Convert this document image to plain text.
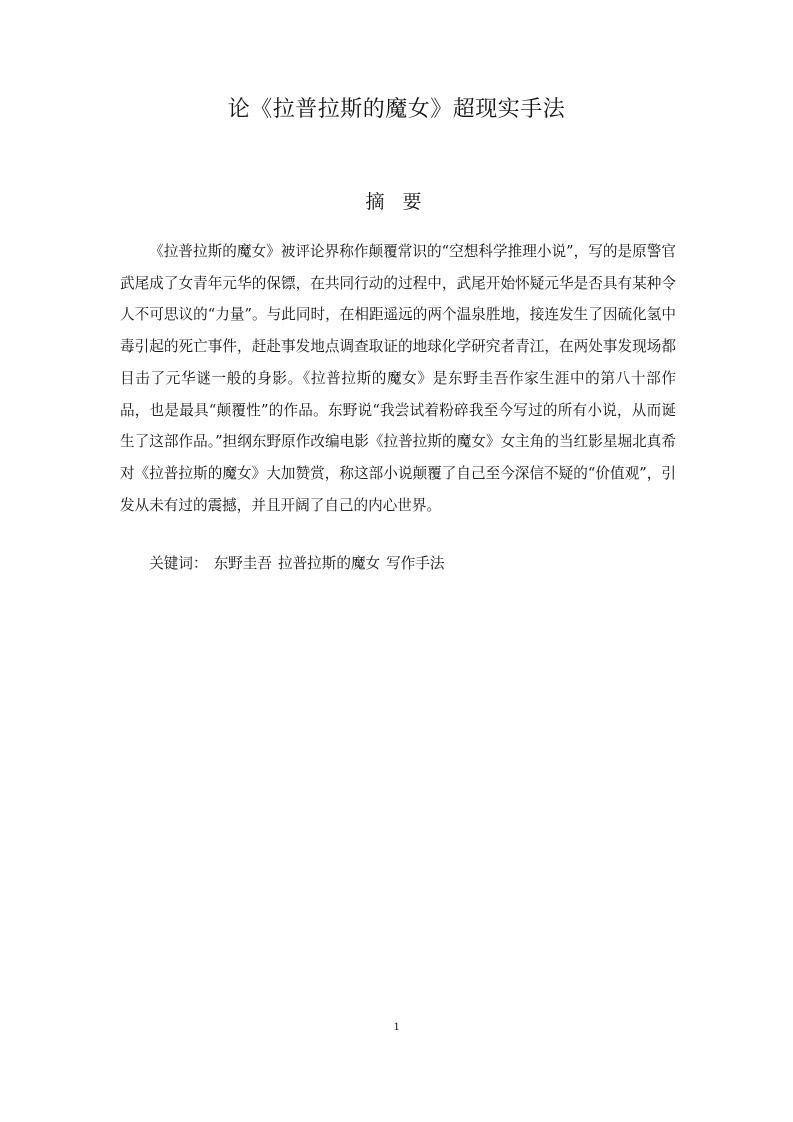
论《拉普拉斯的魔女》超现实手法
摘 要

《拉普拉斯的魔女》被评论界称作颠覆常识的“空想科学推理小说”，写的是原警官武尾成了女青年元华的保镖，在共同行动的过程中，武尾开始怀疑元华是否具有某种令人不可思议的“力量”。与此同时，在相距遥远的两个温泉胜地，接连发生了因硫化氢中毒引起的死亡事件，赶赴事发地点调查取证的地球化学研究者青江，在两处事发现场都目击了元华谜一般的身影。《拉普拉斯的魔女》是东野圭吾作家生涯中的第八十部作品，也是最具“颠覆性”的作品。东野说“我尝试着粉碎我至今写过的所有小说，从而诞生了这部作品。”担纲东野原作改编电影《拉普拉斯的魔女》女主角的当红影星堀北真希对《拉普拉斯的魔女》大加赞赏，称这部小说颠覆了自己至今深信不疑的“价值观”，引发从未有过的震撼，并且开阔了自己的内心世界。

关键词： 东野圭吾 拉普拉斯的魔女 写作手法

1
